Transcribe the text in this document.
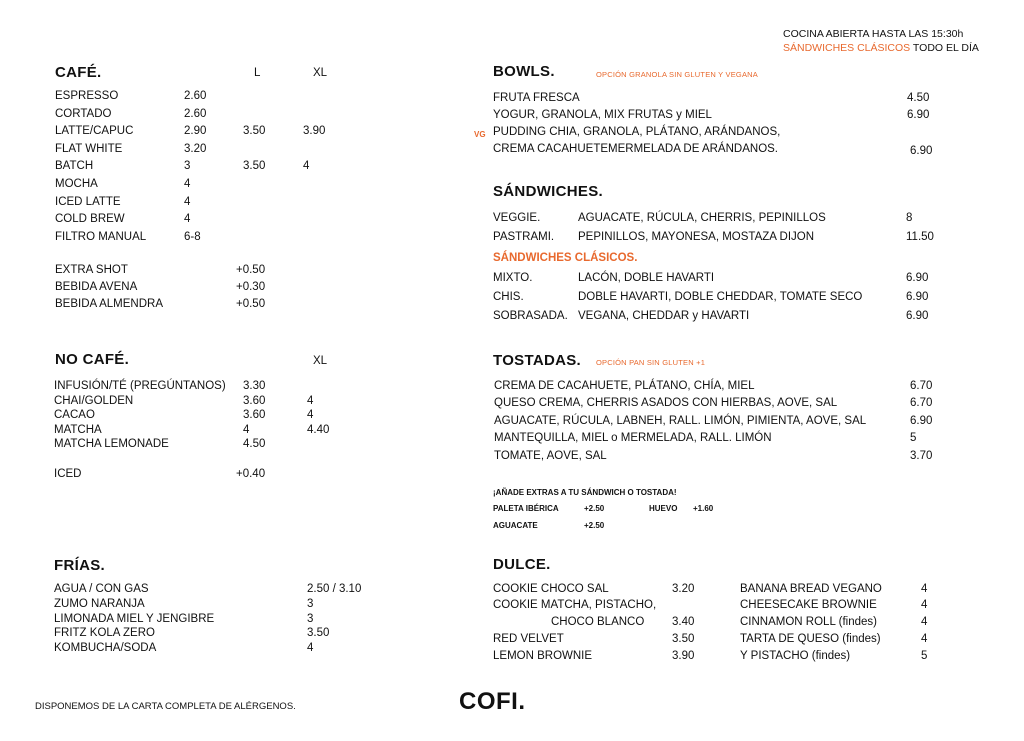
COCINA ABIERTA HASTA LAS 15:30h
SÁNDWICHES CLÁSICOS TODO EL DÍA
CAFÉ.	L	XL
ESPRESSO	2.60
CORTADO	2.60
LATTE/CAPUC	2.90	3.50	3.90
FLAT WHITE	3.20
BATCH	3	3.50	4
MOCHA	4
ICED LATTE	4
COLD BREW	4
FILTRO MANUAL	6-8
EXTRA SHOT	+0.50
BEBIDA AVENA	+0.30
BEBIDA ALMENDRA	+0.50
NO CAFÉ.	XL
INFUSIÓN/TÉ (PREGÚNTANOS) 3.30
CHAI/GOLDEN	3.60	4
CACAO	3.60	4
MATCHA	4	4.40
MATCHA LEMONADE	4.50
ICED	+0.40
FRÍAS.
AGUA / CON GAS	2.50 / 3.10
ZUMO NARANJA	3
LIMONADA MIEL Y JENGIBRE	3
FRITZ KOLA ZERO	3.50
KOMBUCHA/SODA	4
BOWLS.	OPCIÓN GRANOLA SIN GLUTEN Y VEGANA
FRUTA FRESCA	4.50
YOGUR, GRANOLA, MIX FRUTAS y MIEL	6.90
VG PUDDING CHIA, GRANOLA, PLÁTANO, ARÁNDANOS,
CREMA CACAHUETEMERMELADA DE ARÁNDANOS.	6.90
SÁNDWICHES.
VEGGIE.	AGUACATE, RÚCULA, CHERRIS, PEPINILLOS	8
PASTRAMI. PEPINILLOS, MAYONESA, MOSTAZA DIJON	11.50
SÁNDWICHES CLÁSICOS.
MIXTO.	LACÓN, DOBLE HAVARTI	6.90
CHIS.	DOBLE HAVARTI, DOBLE CHEDDAR, TOMATE SECO	6.90
SOBRASADA. VEGANA, CHEDDAR y HAVARTI	6.90
TOSTADAS. OPCIÓN PAN SIN GLUTEN +1
CREMA DE CACAHUETE, PLÁTANO, CHÍA, MIEL	6.70
QUESO CREMA, CHERRIS ASADOS CON HIERBAS, AOVE, SAL	6.70
AGUACATE, RÚCULA, LABNEH, RALL. LIMÓN, PIMIENTA, AOVE, SAL	6.90
MANTEQUILLA, MIEL o MERMELADA, RALL. LIMÓN	5
TOMATE, AOVE, SAL	3.70
¡AÑADE EXTRAS A TU SÁNDWICH O TOSTADA!
PALETA IBÉRICA	+2.50	HUEVO +1.60
AGUACATE	+2.50
DULCE.
COOKIE CHOCO SAL	3.20
COOKIE MATCHA, PISTACHO,
CHOCO BLANCO 3.40
RED VELVET	3.50
LEMON BROWNIE	3.90
BANANA BREAD VEGANO	4
CHEESECAKE BROWNIE	4
CINNAMON ROLL (findes)	4
TARTA DE QUESO (findes)	4
Y PISTACHO (findes)	5
DISPONEMOS DE LA CARTA COMPLETA DE ALÉRGENOS.	COFI.
